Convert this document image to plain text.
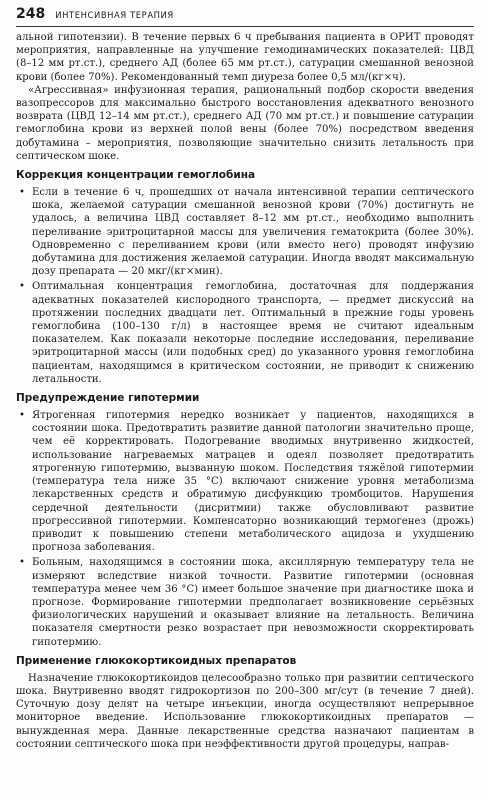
248 ИНТЕНСИВНАЯ ТЕРАПИЯ

альной гипотензии). В течение первых 6 ч пребывания пациента в ОРИТ проводят мероприятия, направленные на улучшение гемодинамических показателей: ЦВД (8–12 мм рт.ст.), среднего АД (более 65 мм рт.ст.), сатурации смешанной венозной крови (более 70%). Рекомендованный темп диуреза более 0,5 мл/(кг×ч).

«Агрессивная» инфузионная терапия, рациональный подбор скорости введения вазопрессоров для максимально быстрого восстановления адекватного венозного возврата (ЦВД 12–14 мм рт.ст.), среднего АД (70 мм рт.ст.) и повышение сатурации гемоглобина крови из верхней полой вены (более 70%) посредством введения добутамина – мероприятия, позволяющие значительно снизить летальность при септическом шоке.

Коррекция концентрации гемоглобина
• Если в течение 6 ч, прошедших от начала интенсивной терапии септического шока, желаемой сатурации смешанной венозной крови (70%) достигнуть не удалось, а величина ЦВД составляет 8–12 мм рт.ст., необходимо выполнить переливание эритроцитарной массы для увеличения гематокрита (более 30%). Одновременно с переливанием крови (или вместо него) проводят инфузию добутамина для достижения желаемой сатурации. Иногда вводят максимальную дозу препарата — 20 мкг/(кг×мин).
• Оптимальная концентрация гемоглобина, достаточная для поддержания адекватных показателей кислородного транспорта, — предмет дискуссий на протяжении последних двадцати лет. Оптимальный в прежние годы уровень гемоглобина (100–130 г/л) в настоящее время не считают идеальным показателем. Как показали некоторые последние исследования, переливание эритроцитарной массы (или подобных сред) до указанного уровня гемоглобина пациентам, находящимся в критическом состоянии, не приводит к снижению летальности.
Предупреждение гипотермии
• Ятрогенная гипотермия нередко возникает у пациентов, находящихся в состоянии шока. Предотвратить развитие данной патологии значительно проще, чем её корректировать. Подогревание вводимых внутривенно жидкостей, использование нагреваемых матрацев и одеял позволяет предотвратить ятрогенную гипотермию, вызванную шоком. Последствия тяжёлой гипотермии (температура тела ниже 35 °С) включают снижение уровня метаболизма лекарственных средств и обратимую дисфункцию тромбоцитов. Нарушения сердечной деятельности (дисритмии) также обусловливают развитие прогрессивной гипотермии. Компенсаторно возникающий термогенез (дрожь) приводит к повышению степени метаболического ацидоза и ухудшению прогноза заболевания.
• Больным, находящимся в состоянии шока, аксиллярную температуру тела не измеряют вследствие низкой точности. Развитие гипотермии (основная температура менее чем 36 °С) имеет большое значение при диагностике шока и прогнозе. Формирование гипотермии предполагает возникновение серьёзных физиологических нарушений и оказывает влияние на летальность. Величина показателя смертности резко возрастает при невозможности скорректировать гипотермию.
Применение глюкокортикоидных препаратов

Назначение глюкокортикоидов целесообразно только при развитии септического шока. Внутривенно вводят гидрокортизон по 200–300 мг/сут (в течение 7 дней). Суточную дозу делят на четыре инъекции, иногда осуществляют непрерывное мониторное введение. Использование глюкокортикоидных препаратов — вынужденная мера. Данные лекарственные средства назначают пациентам в состоянии септического шока при неэффективности другой процедуры, направ-
